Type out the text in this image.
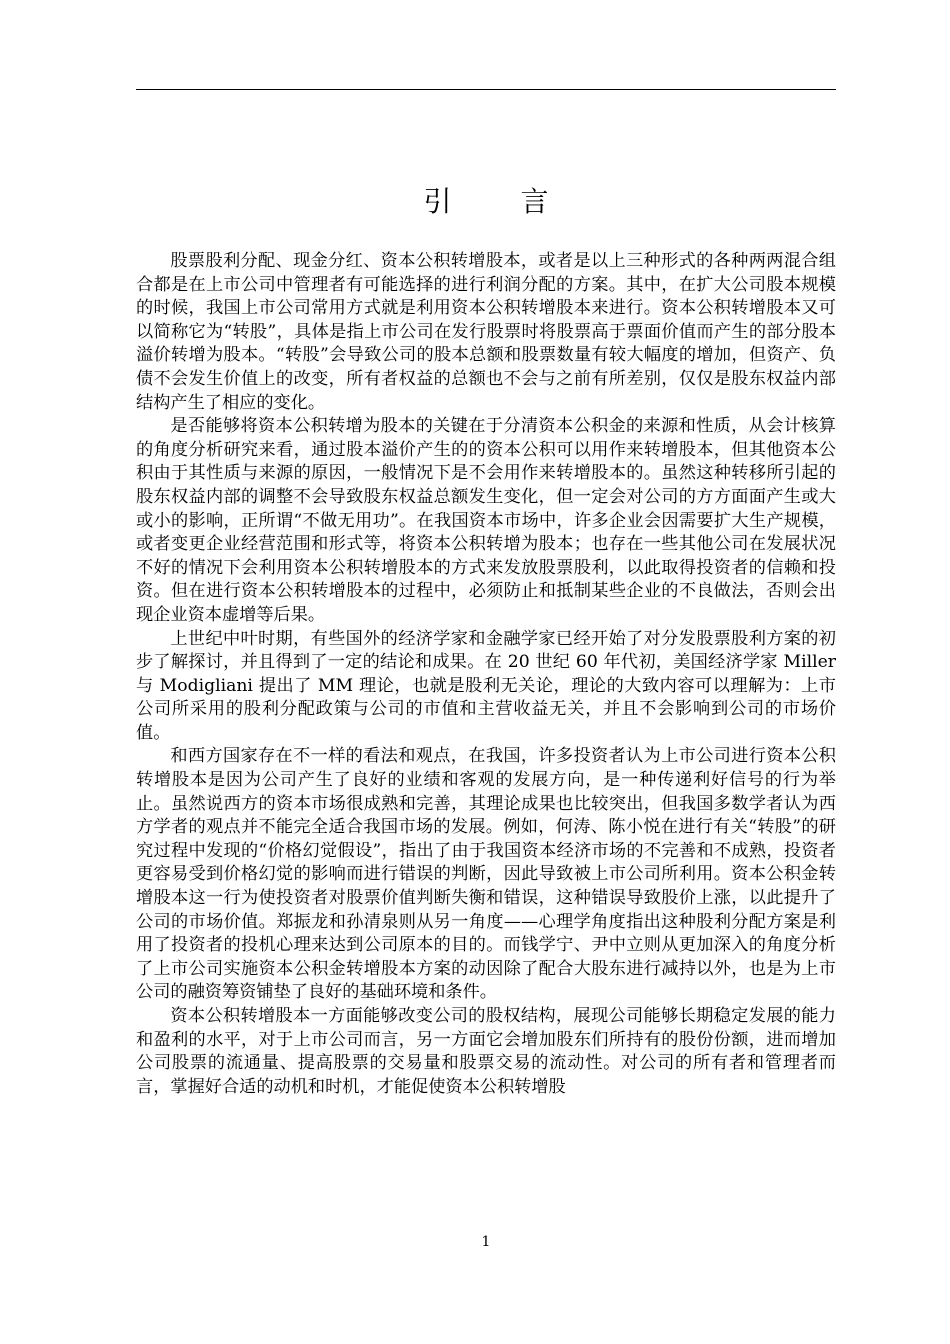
引 言

股票股利分配、现金分红、资本公积转增股本，或者是以上三种形式的各种两两混合组合都是在上市公司中管理者有可能选择的进行利润分配的方案。其中，在扩大公司股本规模的时候，我国上市公司常用方式就是利用资本公积转增股本来进行。资本公积转增股本又可以简称它为“转股”，具体是指上市公司在发行股票时将股票高于票面价值而产生的部分股本溢价转增为股本。“转股”会导致公司的股本总额和股票数量有较大幅度的增加，但资产、负债不会发生价值上的改变，所有者权益的总额也不会与之前有所差别，仅仅是股东权益内部结构产生了相应的变化。

是否能够将资本公积转增为股本的关键在于分清资本公积金的来源和性质，从会计核算的角度分析研究来看，通过股本溢价产生的的资本公积可以用作来转增股本，但其他资本公积由于其性质与来源的原因，一般情况下是不会用作来转增股本的。虽然这种转移所引起的股东权益内部的调整不会导致股东权益总额发生变化，但一定会对公司的方方面面产生或大或小的影响，正所谓“不做无用功”。在我国资本市场中，许多企业会因需要扩大生产规模，或者变更企业经营范围和形式等，将资本公积转增为股本；也存在一些其他公司在发展状况不好的情况下会利用资本公积转增股本的方式来发放股票股利，以此取得投资者的信赖和投资。但在进行资本公积转增股本的过程中，必须防止和抵制某些企业的不良做法，否则会出现企业资本虚增等后果。

上世纪中叶时期，有些国外的经济学家和金融学家已经开始了对分发股票股利方案的初步了解探讨，并且得到了一定的结论和成果。在 20 世纪 60 年代初，美国经济学家 Miller 与 Modigliani 提出了 MM 理论，也就是股利无关论，理论的大致内容可以理解为：上市公司所采用的股利分配政策与公司的市值和主营收益无关，并且不会影响到公司的市场价值。

和西方国家存在不一样的看法和观点，在我国，许多投资者认为上市公司进行资本公积转增股本是因为公司产生了良好的业绩和客观的发展方向，是一种传递利好信号的行为举止。虽然说西方的资本市场很成熟和完善，其理论成果也比较突出，但我国多数学者认为西方学者的观点并不能完全适合我国市场的发展。例如，何涛、陈小悦在进行有关“转股”的研究过程中发现的“价格幻觉假设”，指出了由于我国资本经济市场的不完善和不成熟，投资者更容易受到价格幻觉的影响而进行错误的判断，因此导致被上市公司所利用。资本公积金转增股本这一行为使投资者对股票价值判断失衡和错误，这种错误导致股价上涨，以此提升了公司的市场价值。郑振龙和孙清泉则从另一角度——心理学角度指出这种股利分配方案是利用了投资者的投机心理来达到公司原本的目的。而钱学宁、尹中立则从更加深入的角度分析了上市公司实施资本公积金转增股本方案的动因除了配合大股东进行减持以外，也是为上市公司的融资筹资铺垫了良好的基础环境和条件。

资本公积转增股本一方面能够改变公司的股权结构，展现公司能够长期稳定发展的能力和盈利的水平，对于上市公司而言，另一方面它会增加股东们所持有的股份份额，进而增加公司股票的流通量、提高股票的交易量和股票交易的流动性。对公司的所有者和管理者而言，掌握好合适的动机和时机，才能促使资本公积转增股

1
